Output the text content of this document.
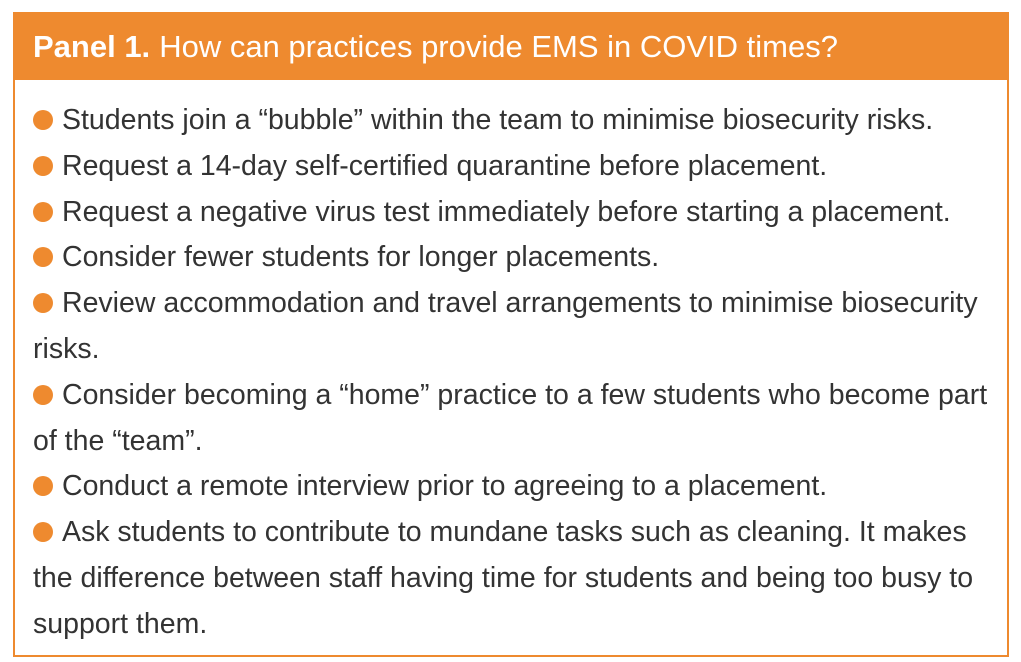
Panel 1. How can practices provide EMS in COVID times?

Students join a “bubble” within the team to minimise biosecurity risks.

Request a 14-day self-certified quarantine before placement.

Request a negative virus test immediately before starting a placement.

Consider fewer students for longer placements.

Review accommodation and travel arrangements to minimise biosecurity risks.

Consider becoming a “home” practice to a few students who become part of the “team”.

Conduct a remote interview prior to agreeing to a placement.

Ask students to contribute to mundane tasks such as cleaning. It makes the difference between staff having time for students and being too busy to support them.
